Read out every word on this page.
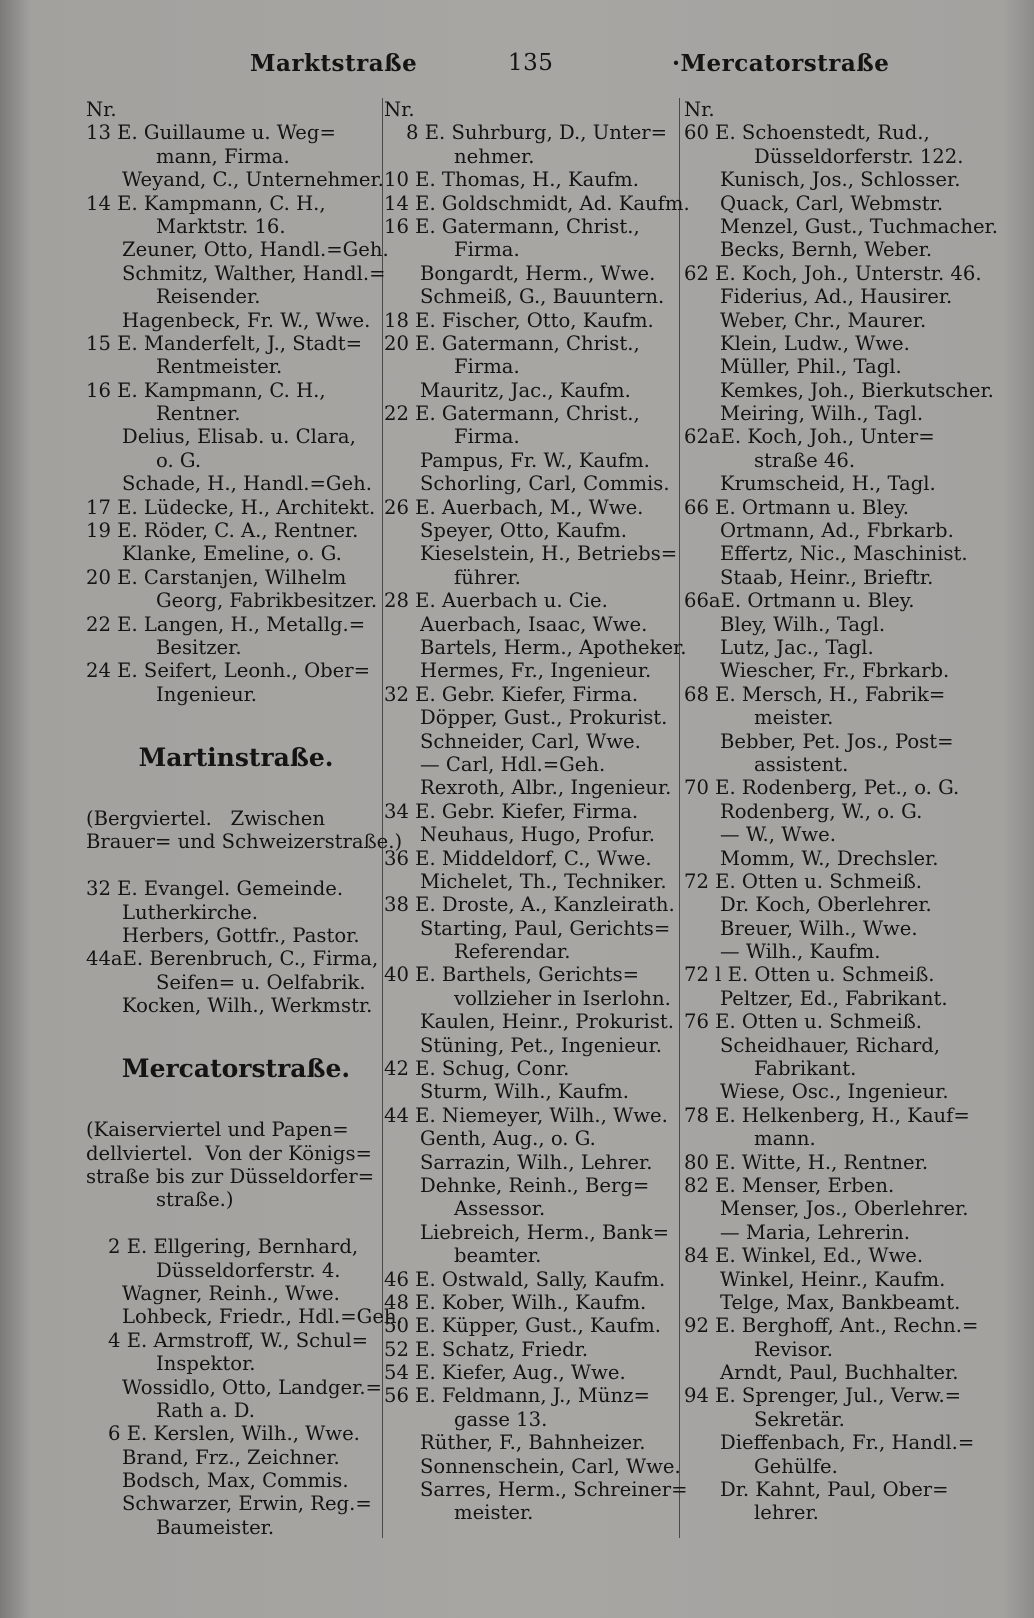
Marktstraße	135	·Mercatorstraße
Nr.
13 E. Guillaume u. Weg=
mann, Firma.
Weyand, C., Unternehmer.
14 E. Kampmann, C. H.,
Marktstr. 16.
Zeuner, Otto, Handl.=Geh.
Schmitz, Walther, Handl.=
Reisender.
Hagenbeck, Fr. W., Wwe.
15 E. Manderfelt, J., Stadt=
Rentmeister.
16 E. Kampmann, C. H.,
Rentner.
Delius, Elisab. u. Clara,
o. G.
Schade, H., Handl.=Geh.
17 E. Lüdecke, H., Architekt.
19 E. Röder, C. A., Rentner.
Klanke, Emeline, o. G.
20 E. Carstanjen, Wilhelm
Georg, Fabrikbesitzer.
22 E. Langen, H., Metallg.=
Besitzer.
24 E. Seifert, Leonh., Ober=
Ingenieur.
Martinstraße.
(Bergviertel.   Zwischen
Brauer= und Schweizerstraße.)
32 E. Evangel. Gemeinde.
Lutherkirche.
Herbers, Gottfr., Pastor.
44aE. Berenbruch, C., Firma,
Seifen= u. Oelfabrik.
Kocken, Wilh., Werkmstr.
Mercatorstraße.
(Kaiserviertel und Papen=
dellviertel.  Von der Königs=
straße bis zur Düsseldorfer=
straße.)
2 E. Ellgering, Bernhard,
Düsseldorferstr. 4.
Wagner, Reinh., Wwe.
Lohbeck, Friedr., Hdl.=Geh.
4 E. Armstroff, W., Schul=
Inspektor.
Wossidlo, Otto, Landger.=
Rath a. D.
6 E. Kerslen, Wilh., Wwe.
Brand, Frz., Zeichner.
Bodsch, Max, Commis.
Schwarzer, Erwin, Reg.=
Baumeister.
Nr.
8 E. Suhrburg, D., Unter=
nehmer.
10 E. Thomas, H., Kaufm.
14 E. Goldschmidt, Ad. Kaufm.
16 E. Gatermann, Christ.,
Firma.
Bongardt, Herm., Wwe.
Schmeiß, G., Bauuntern.
18 E. Fischer, Otto, Kaufm.
20 E. Gatermann, Christ.,
Firma.
Mauritz, Jac., Kaufm.
22 E. Gatermann, Christ.,
Firma.
Pampus, Fr. W., Kaufm.
Schorling, Carl, Commis.
26 E. Auerbach, M., Wwe.
Speyer, Otto, Kaufm.
Kieselstein, H., Betriebs=
führer.
28 E. Auerbach u. Cie.
Auerbach, Isaac, Wwe.
Bartels, Herm., Apotheker.
Hermes, Fr., Ingenieur.
32 E. Gebr. Kiefer, Firma.
Döpper, Gust., Prokurist.
Schneider, Carl, Wwe.
— Carl, Hdl.=Geh.
Rexroth, Albr., Ingenieur.
34 E. Gebr. Kiefer, Firma.
Neuhaus, Hugo, Profur.
36 E. Middeldorf, C., Wwe.
Michelet, Th., Techniker.
38 E. Droste, A., Kanzleirath.
Starting, Paul, Gerichts=
Referendar.
40 E. Barthels, Gerichts=
vollzieher in Iserlohn.
Kaulen, Heinr., Prokurist.
Stüning, Pet., Ingenieur.
42 E. Schug, Conr.
Sturm, Wilh., Kaufm.
44 E. Niemeyer, Wilh., Wwe.
Genth, Aug., o. G.
Sarrazin, Wilh., Lehrer.
Dehnke, Reinh., Berg=
Assessor.
Liebreich, Herm., Bank=
beamter.
46 E. Ostwald, Sally, Kaufm.
48 E. Kober, Wilh., Kaufm.
50 E. Küpper, Gust., Kaufm.
52 E. Schatz, Friedr.
54 E. Kiefer, Aug., Wwe.
56 E. Feldmann, J., Münz=
gasse 13.
Rüther, F., Bahnheizer.
Sonnenschein, Carl, Wwe.
Sarres, Herm., Schreiner=
meister.
Nr.
60 E. Schoenstedt, Rud.,
Düsseldorferstr. 122.
Kunisch, Jos., Schlosser.
Quack, Carl, Webmstr.
Menzel, Gust., Tuchmacher.
Becks, Bernh, Weber.
62 E. Koch, Joh., Unterstr. 46.
Fiderius, Ad., Hausirer.
Weber, Chr., Maurer.
Klein, Ludw., Wwe.
Müller, Phil., Tagl.
Kemkes, Joh., Bierkutscher.
Meiring, Wilh., Tagl.
62aE. Koch, Joh., Unter=
straße 46.
Krumscheid, H., Tagl.
66 E. Ortmann u. Bley.
Ortmann, Ad., Fbrkarb.
Effertz, Nic., Maschinist.
Staab, Heinr., Brieftr.
66aE. Ortmann u. Bley.
Bley, Wilh., Tagl.
Lutz, Jac., Tagl.
Wiescher, Fr., Fbrkarb.
68 E. Mersch, H., Fabrik=
meister.
Bebber, Pet. Jos., Post=
assistent.
70 E. Rodenberg, Pet., o. G.
Rodenberg, W., o. G.
— W., Wwe.
Momm, W., Drechsler.
72 E. Otten u. Schmeiß.
Dr. Koch, Oberlehrer.
Breuer, Wilh., Wwe.
— Wilh., Kaufm.
72 l E. Otten u. Schmeiß.
Peltzer, Ed., Fabrikant.
76 E. Otten u. Schmeiß.
Scheidhauer, Richard,
Fabrikant.
Wiese, Osc., Ingenieur.
78 E. Helkenberg, H., Kauf=
mann.
80 E. Witte, H., Rentner.
82 E. Menser, Erben.
Menser, Jos., Oberlehrer.
— Maria, Lehrerin.
84 E. Winkel, Ed., Wwe.
Winkel, Heinr., Kaufm.
Telge, Max, Bankbeamt.
92 E. Berghoff, Ant., Rechn.=
Revisor.
Arndt, Paul, Buchhalter.
94 E. Sprenger, Jul., Verw.=
Sekretär.
Dieffenbach, Fr., Handl.=
Gehülfe.
Dr. Kahnt, Paul, Ober=
lehrer.
